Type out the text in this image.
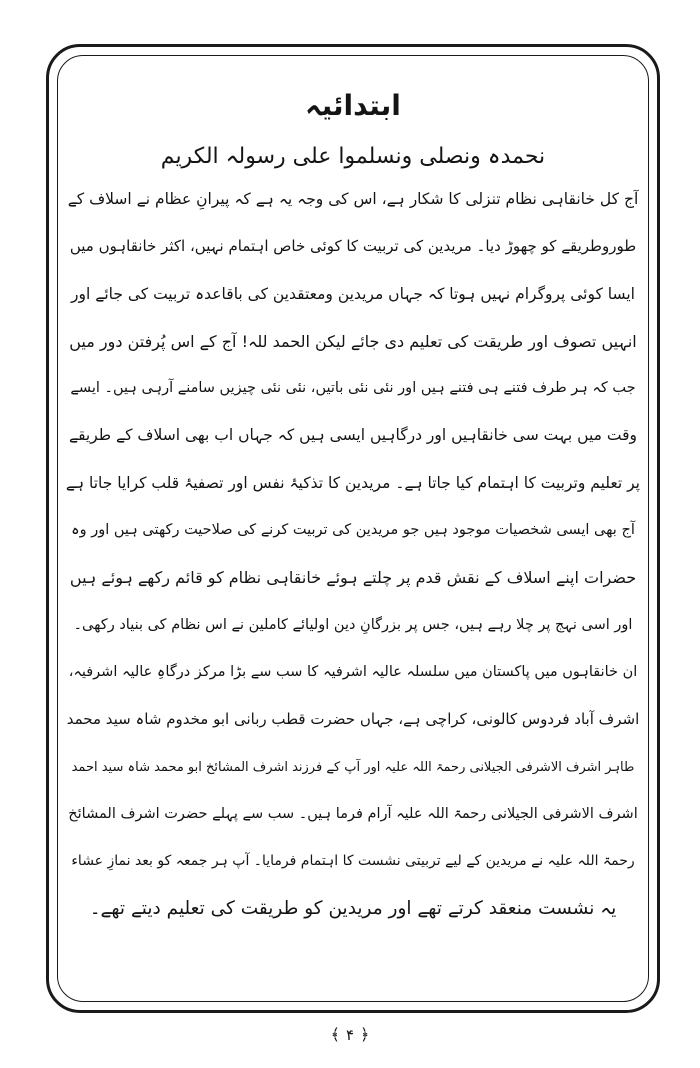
ابتدائیہ

نحمدہ ونصلی ونسلموا علی رسولہ الکریم

آج کل خانقاہی نظام تنزلی کا شکار ہے، اس کی وجہ یہ ہے کہ پیرانِ عظام نے اسلاف کے
طوروطریقے کو چھوڑ دیا۔ مریدین کی تربیت کا کوئی خاص اہتمام نہیں، اکثر خانقاہوں میں
ایسا کوئی پروگرام نہیں ہوتا کہ جہاں مریدین ومعتقدین کی باقاعدہ تربیت کی جائے اور
انہیں تصوف اور طریقت کی تعلیم دی جائے لیکن الحمد للہ! آج کے اس پُرفتن دور میں
جب کہ ہر طرف فتنے ہی فتنے ہیں اور نئی نئی باتیں، نئی نئی چیزیں سامنے آرہی ہیں۔ ایسے
وقت میں بہت سی خانقاہیں اور درگاہیں ایسی ہیں کہ جہاں اب بھی اسلاف کے طریقے
پر تعلیم وتربیت کا اہتمام کیا جاتا ہے۔ مریدین کا تذکیۂ نفس اور تصفیۂ قلب کرایا جاتا ہے
آج بھی ایسی شخصیات موجود ہیں جو مریدین کی تربیت کرنے کی صلاحیت رکھتی ہیں اور وہ
حضرات اپنے اسلاف کے نقش قدم پر چلتے ہوئے خانقاہی نظام کو قائم رکھے ہوئے ہیں
اور اسی نہج پر چلا رہے ہیں، جس پر بزرگانِ دین اولیائے کاملین نے اس نظام کی بنیاد رکھی۔
ان خانقاہوں میں پاکستان میں سلسلہ عالیہ اشرفیہ کا سب سے بڑا مرکز درگاہِ عالیہ اشرفیہ،
اشرف آباد فردوس کالونی، کراچی ہے، جہاں حضرت قطب ربانی ابو مخدوم شاہ سید محمد
طاہر اشرف الاشرفی الجیلانی رحمۃ اللہ علیہ اور آپ کے فرزند اشرف المشائخ ابو محمد شاہ سید احمد
اشرف الاشرفی الجیلانی رحمۃ اللہ علیہ آرام فرما ہیں۔ سب سے پہلے حضرت اشرف المشائخ
رحمۃ اللہ علیہ نے مریدین کے لیے تربیتی نشست کا اہتمام فرمایا۔ آپ ہر جمعہ کو بعد نمازِ عشاء
یہ نشست منعقد کرتے تھے اور مریدین کو طریقت کی تعلیم دیتے تھے۔
﴾ ۴ ﴿
